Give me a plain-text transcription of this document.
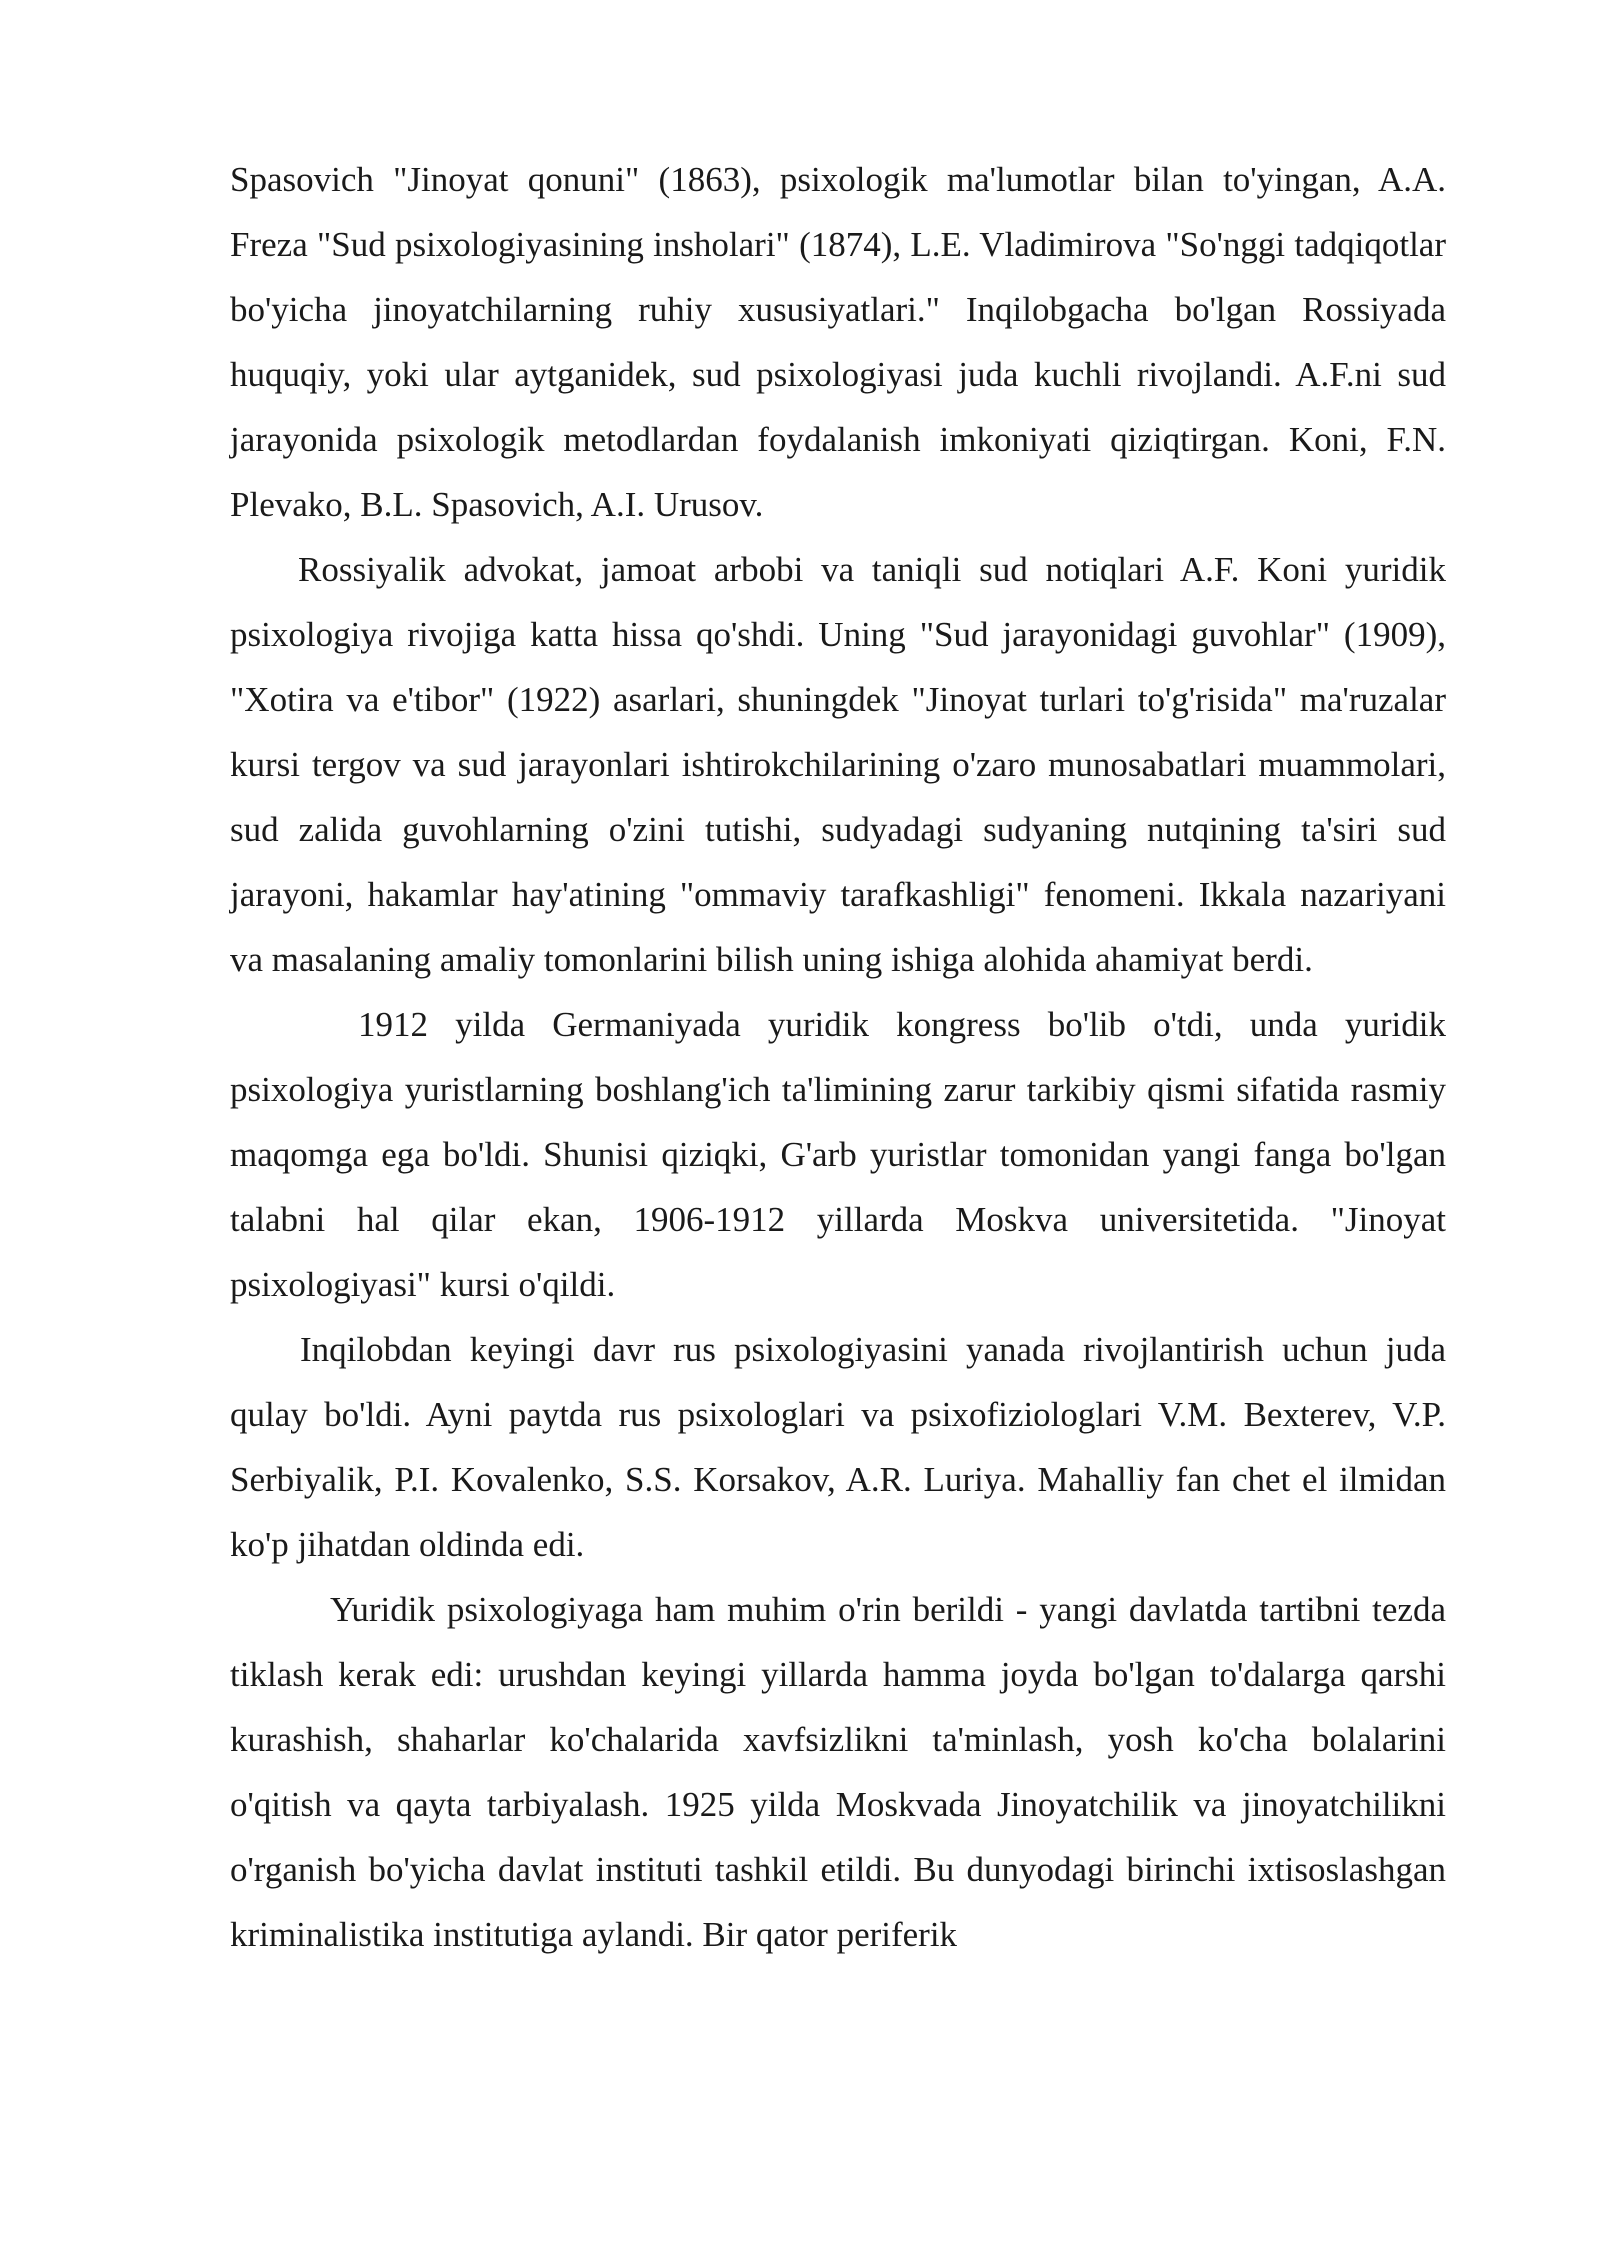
Spasovich "Jinoyat qonuni" (1863), psixologik ma'lumotlar bilan to'yingan, A.A. Freza "Sud psixologiyasining insholari" (1874), L.E. Vladimirova "So'nggi tadqiqotlar bo'yicha jinoyatchilarning ruhiy xususiyatlari." Inqilobgacha bo'lgan Rossiyada huquqiy, yoki ular aytganidek, sud psixologiyasi juda kuchli rivojlandi. A.F.ni sud jarayonida psixologik metodlardan foydalanish imkoniyati qiziqtirgan. Koni, F.N. Plevako, B.L. Spasovich, A.I. Urusov.

Rossiyalik advokat, jamoat arbobi va taniqli sud notiqlari A.F. Koni yuridik psixologiya rivojiga katta hissa qo'shdi. Uning "Sud jarayonidagi guvohlar" (1909), "Xotira va e'tibor" (1922) asarlari, shuningdek "Jinoyat turlari to'g'risida" ma'ruzalar kursi tergov va sud jarayonlari ishtirokchilarining o'zaro munosabatlari muammolari, sud zalida guvohlarning o'zini tutishi, sudyadagi sudyaning nutqining ta'siri sud jarayoni, hakamlar hay'atining "ommaviy tarafkashligi" fenomeni. Ikkala nazariyani va masalaning amaliy tomonlarini bilish uning ishiga alohida ahamiyat berdi.

1912 yilda Germaniyada yuridik kongress bo'lib o'tdi, unda yuridik psixologiya yuristlarning boshlang'ich ta'limining zarur tarkibiy qismi sifatida rasmiy maqomga ega bo'ldi. Shunisi qiziqki, G'arb yuristlar tomonidan yangi fanga bo'lgan talabni hal qilar ekan, 1906-1912 yillarda Moskva universitetida. "Jinoyat psixologiyasi" kursi o'qildi.

Inqilobdan keyingi davr rus psixologiyasini yanada rivojlantirish uchun juda qulay bo'ldi. Ayni paytda rus psixologlari va psixofiziologlari V.M. Bexterev, V.P. Serbiyalik, P.I. Kovalenko, S.S. Korsakov, A.R. Luriya. Mahalliy fan chet el ilmidan ko'p jihatdan oldinda edi.

Yuridik psixologiyaga ham muhim o'rin berildi - yangi davlatda tartibni tezda tiklash kerak edi: urushdan keyingi yillarda hamma joyda bo'lgan to'dalarga qarshi kurashish, shaharlar ko'chalarida xavfsizlikni ta'minlash, yosh ko'cha bolalarini o'qitish va qayta tarbiyalash. 1925 yilda Moskvada Jinoyatchilik va jinoyatchilikni o'rganish bo'yicha davlat instituti tashkil etildi. Bu dunyodagi birinchi ixtisoslashgan kriminalistika institutiga aylandi. Bir qator periferik
